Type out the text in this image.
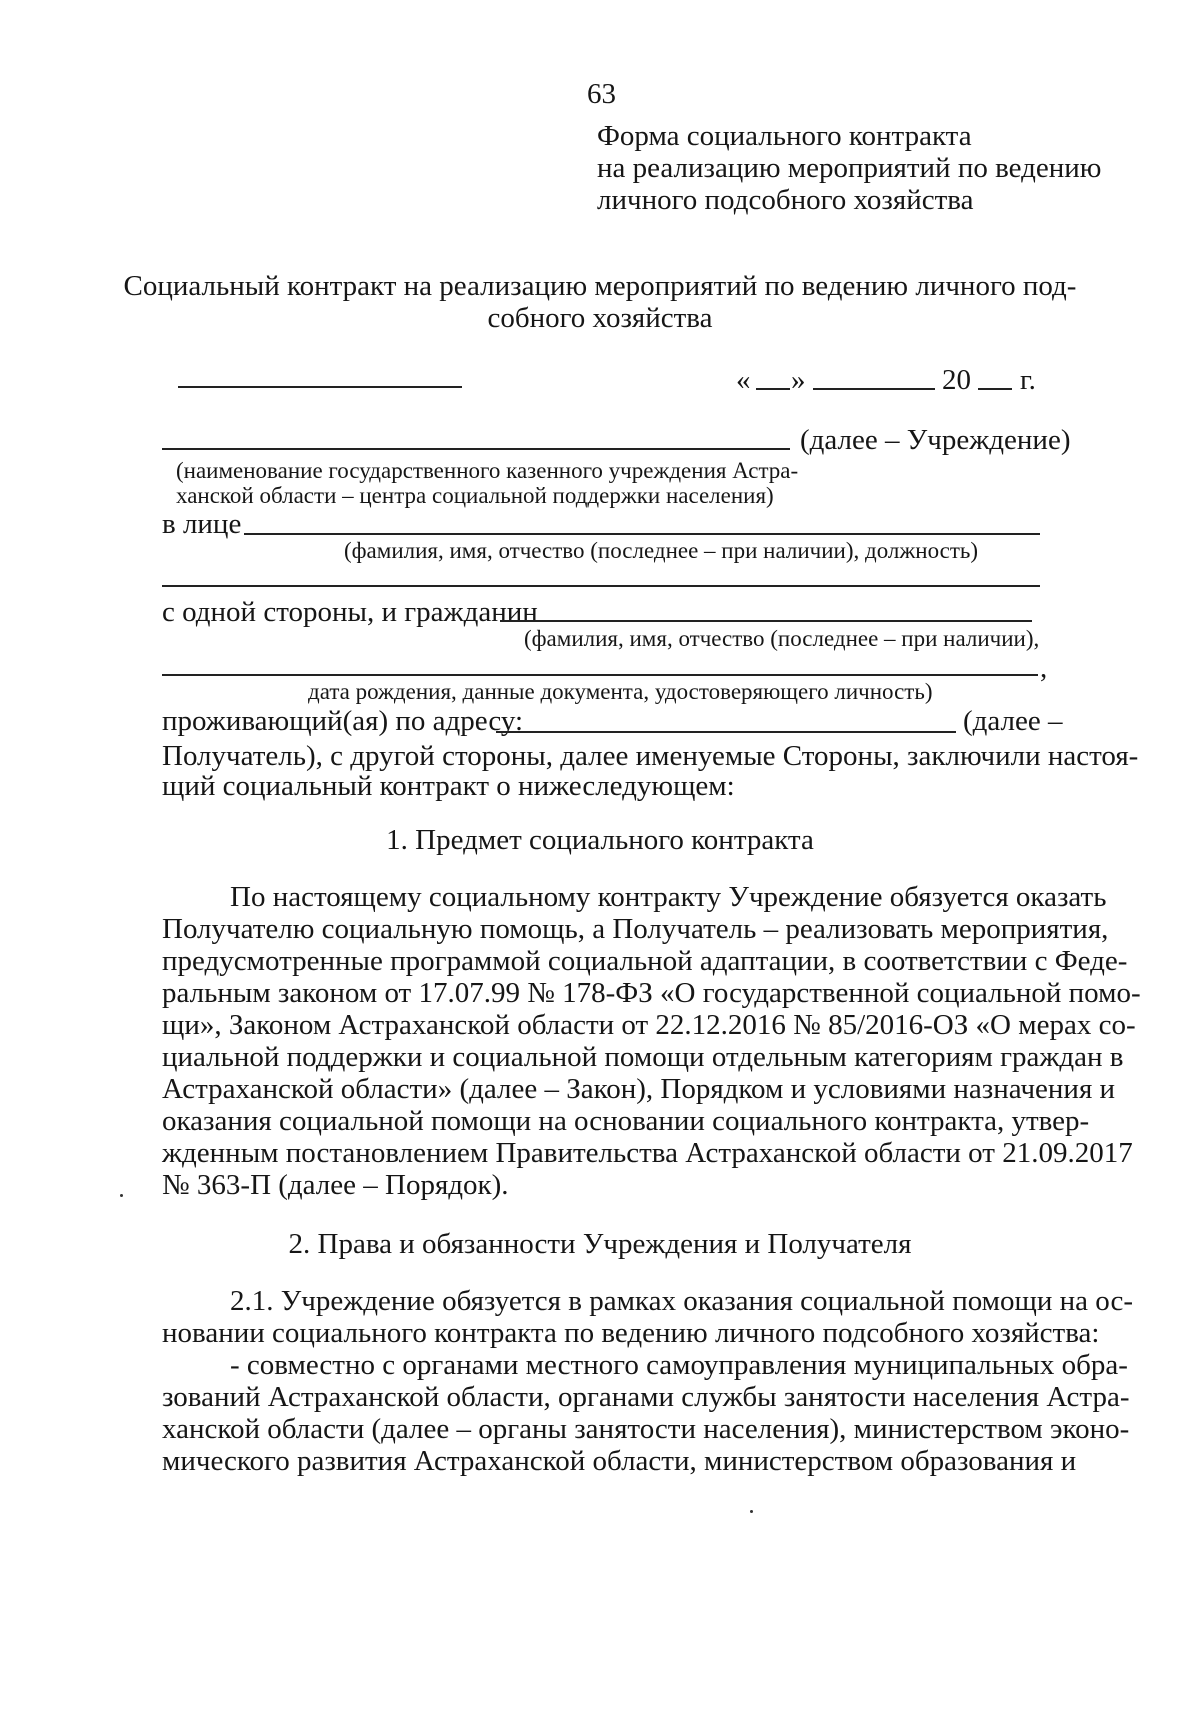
63
Форма социального контракта
на реализацию мероприятий по ведению
личного подсобного хозяйства
Социальный контракт на реализацию мероприятий по ведению личного под-
собного хозяйства
« »	20 г.
(далее – Учреждение)
(наименование государственного казенного учреждения Астра-
ханской области – центра социальной поддержки населения)
в лице
(фамилия, имя, отчество (последнее – при наличии), должность)
с одной стороны, и гражданин
(фамилия, имя, отчество (последнее – при наличии),
,
дата рождения, данные документа, удостоверяющего личность)
проживающий(ая) по адресу:	(далее –
Получатель), с другой стороны, далее именуемые Стороны, заключили настоя-
щий социальный контракт о нижеследующем:
1. Предмет социального контракта
По настоящему социальному контракту Учреждение обязуется оказать
Получателю социальную помощь, а Получатель – реализовать мероприятия,
предусмотренные программой социальной адаптации, в соответствии с Феде-
ральным законом от 17.07.99 № 178-ФЗ «О государственной социальной помо-
щи», Законом Астраханской области от 22.12.2016 № 85/2016-ОЗ «О мерах со-
циальной поддержки и социальной помощи отдельным категориям граждан в
Астраханской области» (далее – Закон), Порядком и условиями назначения и
оказания социальной помощи на основании социального контракта, утвер-
жденным постановлением Правительства Астраханской области от 21.09.2017
№ 363-П (далее – Порядок).
2. Права и обязанности Учреждения и Получателя
2.1. Учреждение обязуется в рамках оказания социальной помощи на ос-
новании социального контракта по ведению личного подсобного хозяйства:
- совместно с органами местного самоуправления муниципальных обра-
зований Астраханской области, органами службы занятости населения Астра-
ханской области (далее – органы занятости населения), министерством эконо-
мического развития Астраханской области, министерством образования и
